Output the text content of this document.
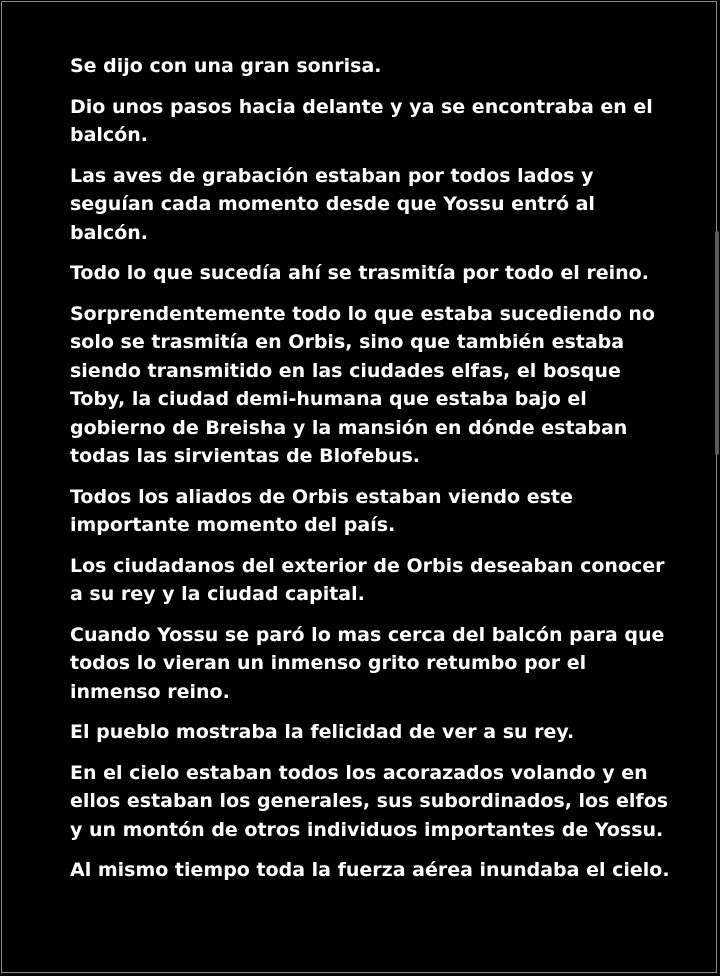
Se dijo con una gran sonrisa.

Dio unos pasos hacia delante y ya se encontraba en el balcón.

Las aves de grabación estaban por todos lados y seguían cada momento desde que Yossu entró al balcón.

Todo lo que sucedía ahí se trasmitía por todo el reino.

Sorprendentemente todo lo que estaba sucediendo no solo se trasmitía en Orbis, sino que también estaba siendo transmitido en las ciudades elfas, el bosque Toby, la ciudad demi-humana que estaba bajo el gobierno de Breisha y la mansión en dónde estaban todas las sirvientas de Blofebus.

Todos los aliados de Orbis estaban viendo este importante momento del país.

Los ciudadanos del exterior de Orbis deseaban conocer a su rey y la ciudad capital.

Cuando Yossu se paró lo mas cerca del balcón para que todos lo vieran un inmenso grito retumbo por el inmenso reino.

El pueblo mostraba la felicidad de ver a su rey.

En el cielo estaban todos los acorazados volando y en ellos estaban los generales, sus subordinados, los elfos y un montón de otros individuos importantes de Yossu.

Al mismo tiempo toda la fuerza aérea inundaba el cielo.
